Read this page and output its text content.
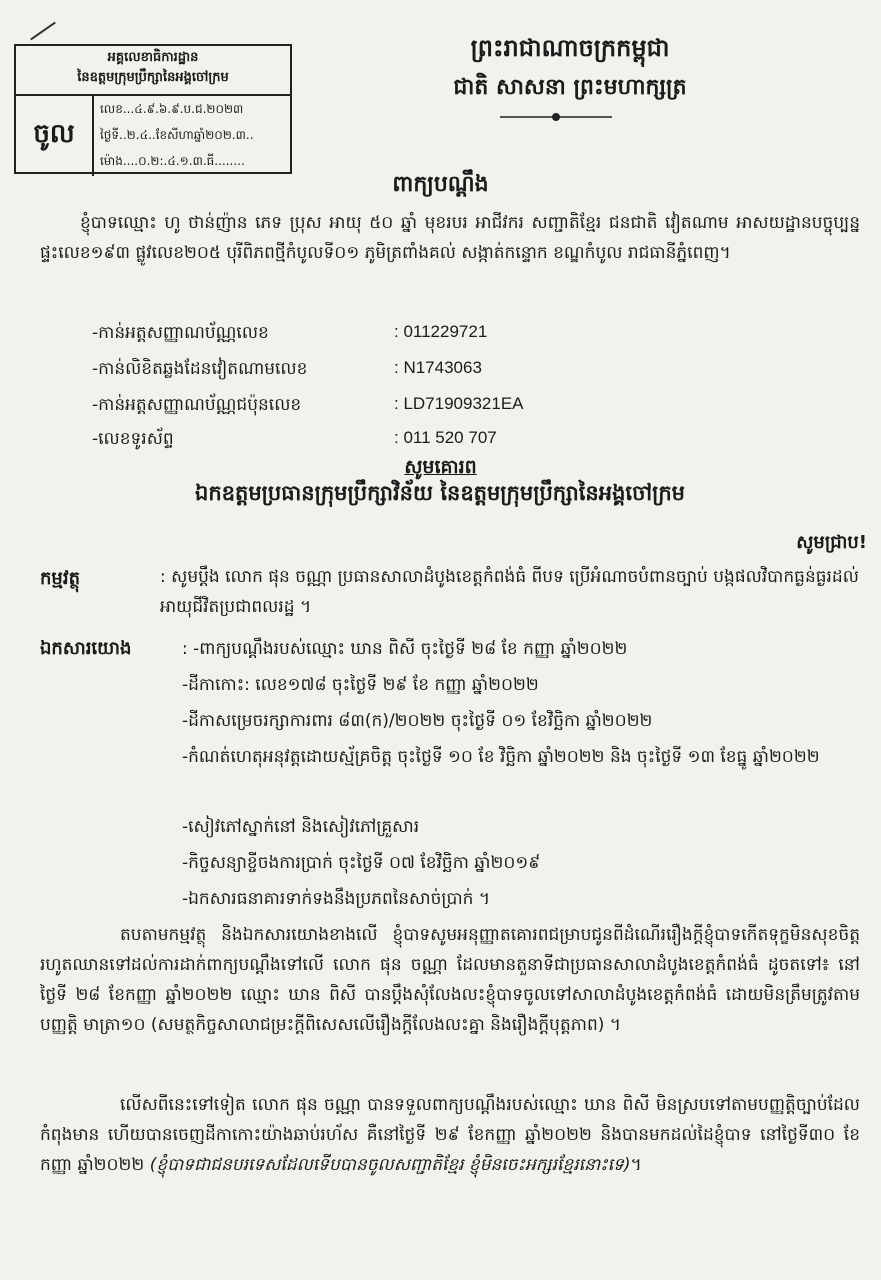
អគ្គលេខាធិការដ្ឋាន
នៃឧត្តមក្រុមប្រឹក្សានៃអង្គចៅក្រម
ចូល
លេខ...៤.៩.៦.៩.ប.ជ.២០២៣
ថ្ងៃទី..២.៤..ខែសីហាឆ្នាំ២០២.៣..
ម៉ោង....០.២:.៤.១.៣.ធី........
ព្រះរាជាណាចក្រកម្ពុជា
ជាតិ សាសនា ព្រះមហាក្សត្រ
ពាក្យបណ្ដឹង
ខ្ញុំបាទឈ្មោះ ហូ ថាន់ញ៉ាន ភេទ ប្រុស អាយុ ៥០ ឆ្នាំ មុខរបរ អាជីវករ សញ្ជាតិខ្មែរ ជនជាតិ វៀតណាម អាសយដ្ឋានបច្ចុប្បន្ន ផ្ទះលេខ១៩៣ ផ្លូវលេខ២០៥ បុរីពិភពថ្មីកំបូលទី០១ ភូមិត្រពាំងគល់ សង្កាត់កន្ទោក ខណ្ឌកំបូល រាជធានីភ្នំពេញ។
-កាន់អត្តសញ្ញាណប័ណ្ណលេខ	: 011229721
-កាន់លិខិតឆ្លងដែនវៀតណាមលេខ	: N1743063
-កាន់អត្តសញ្ញាណប័ណ្ណជប៉ុនលេខ	: LD71909321EA
-លេខទូរស័ព្ទ	: 011 520 707
សូមគោរព
ឯកឧត្តមប្រធានក្រុមប្រឹក្សាវិន័យ នៃឧត្តមក្រុមប្រឹក្សានៃអង្គចៅក្រម
សូមជ្រាប!
កម្មវត្ថុ	: សូមប្ដឹង លោក ផុន ចណ្ណា ប្រធានសាលាដំបូងខេត្តកំពង់ធំ ពីបទ ប្រើអំណាចបំពានច្បាប់ បង្កផលវិបាកធ្ងន់ធ្ងរដល់អាយុជីវិតប្រជាពលរដ្ឋ ។
ឯកសារយោង	: -ពាក្យបណ្ដឹងរបស់ឈ្មោះ ឃាន ពិសី ចុះថ្ងៃទី ២៨ ខែ កញ្ញា ឆ្នាំ២០២២
-ដីកាកោះ: លេខ១៧៨ ចុះថ្ងៃទី ២៩ ខែ កញ្ញា ឆ្នាំ២០២២
-ដីកាសម្រេចរក្សាការពារ ៨៣(ក)/២០២២ ចុះថ្ងៃទី ០១ ខែវិច្ឆិកា ឆ្នាំ២០២២
-កំណត់ហេតុអនុវត្តដោយស្ម័គ្រចិត្ត ចុះថ្ងៃទី ១០ ខែ វិច្ឆិកា ឆ្នាំ២០២២ និង ចុះថ្ងៃទី ១៣ ខែធ្នូ ឆ្នាំ២០២២
-សៀវភៅស្នាក់នៅ និងសៀវភៅគ្រួសារ
-កិច្ចសន្យាខ្ចីចងការប្រាក់ ចុះថ្ងៃទី ០៧ ខែវិច្ឆិកា ឆ្នាំ២០១៩
-ឯកសារធនាគារទាក់ទងនឹងប្រភពនៃសាច់ប្រាក់ ។
តបតាមកម្មវត្ថុ និងឯកសារយោងខាងលើ ខ្ញុំបាទសូមអនុញ្ញាតគោរពជម្រាបជូនពីដំណើររឿងក្តីខ្ញុំបាទកើតទុក្ខមិនសុខចិត្តរហូតឈានទៅដល់ការដាក់ពាក្យបណ្ដឹងទៅលើ លោក ផុន ចណ្ណា ដែលមានតួនាទីជាប្រធានសាលាដំបូងខេត្តកំពង់ធំ ដូចតទៅ៖ នៅថ្ងៃទី ២៨ ខែកញ្ញា ឆ្នាំ២០២២ ឈ្មោះ ឃាន ពិសី បានប្ដឹងសុំលែងលះខ្ញុំបាទចូលទៅសាលាដំបូងខេត្តកំពង់ធំ ដោយមិនត្រឹមត្រូវតាមបញ្ញត្តិ មាត្រា១០ (សមត្ថកិច្ចសាលាជម្រះក្តីពិសេសលើរឿងក្តីលែងលះគ្នា និងរឿងក្តីបុត្តភាព) ។
លើសពីនេះទៅទៀត លោក ផុន ចណ្ណា បានទទួលពាក្យបណ្ដឹងរបស់ឈ្មោះ ឃាន ពិសី មិនស្របទៅតាមបញ្ញត្តិច្បាប់ដែលកំពុងមាន ហើយបានចេញដីកាកោះយ៉ាងឆាប់រហ័ស គឺនៅថ្ងៃទី ២៩ ខែកញ្ញា ឆ្នាំ២០២២ និងបានមកដល់ដៃខ្ញុំបាទ នៅថ្ងៃទី៣០ ខែកញ្ញា ឆ្នាំ២០២២ (ខ្ញុំបាទជាជនបរទេសដែលទើបបានចូលសញ្ជាតិខ្មែរ ខ្ញុំមិនចេះអក្សរខ្មែរនោះទេ)។
